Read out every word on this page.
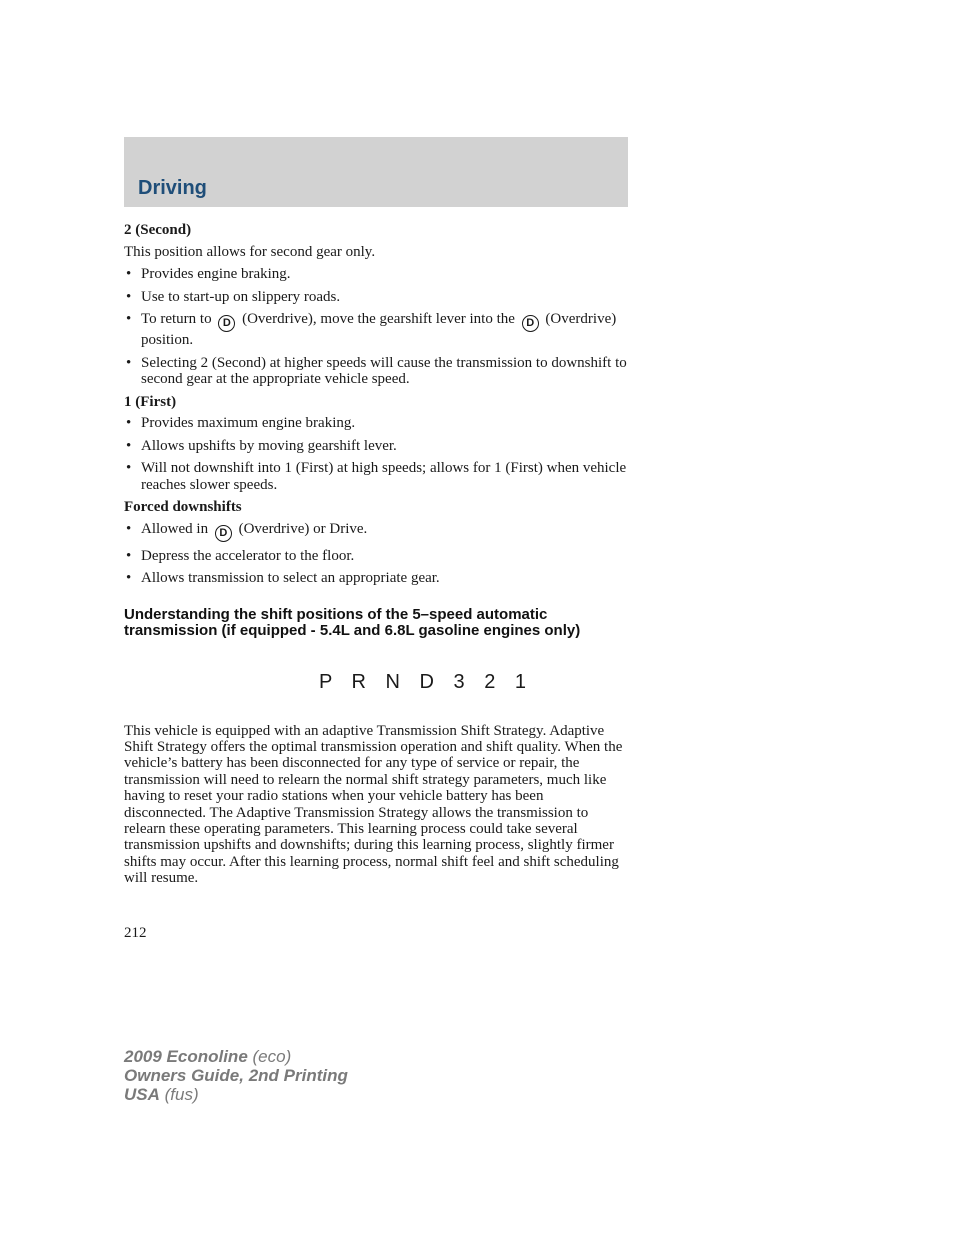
Driving
2 (Second)
This position allows for second gear only.
• Provides engine braking.
• Use to start-up on slippery roads.
• To return to D (Overdrive), move the gearshift lever into the D (Overdrive) position.
• Selecting 2 (Second) at higher speeds will cause the transmission to downshift to second gear at the appropriate vehicle speed.
1 (First)
• Provides maximum engine braking.
• Allows upshifts by moving gearshift lever.
• Will not downshift into 1 (First) at high speeds; allows for 1 (First) when vehicle reaches slower speeds.
Forced downshifts
• Allowed in D (Overdrive) or Drive.
• Depress the accelerator to the floor.
• Allows transmission to select an appropriate gear.
Understanding the shift positions of the 5–speed automatic transmission (if equipped - 5.4L and 6.8L gasoline engines only)
P R N D 3 2 1
This vehicle is equipped with an adaptive Transmission Shift Strategy. Adaptive Shift Strategy offers the optimal transmission operation and shift quality. When the vehicle’s battery has been disconnected for any type of service or repair, the transmission will need to relearn the normal shift strategy parameters, much like having to reset your radio stations when your vehicle battery has been disconnected. The Adaptive Transmission Strategy allows the transmission to relearn these operating parameters. This learning process could take several transmission upshifts and downshifts; during this learning process, slightly firmer shifts may occur. After this learning process, normal shift feel and shift scheduling will resume.
212
2009 Econoline (eco)
Owners Guide, 2nd Printing
USA (fus)
